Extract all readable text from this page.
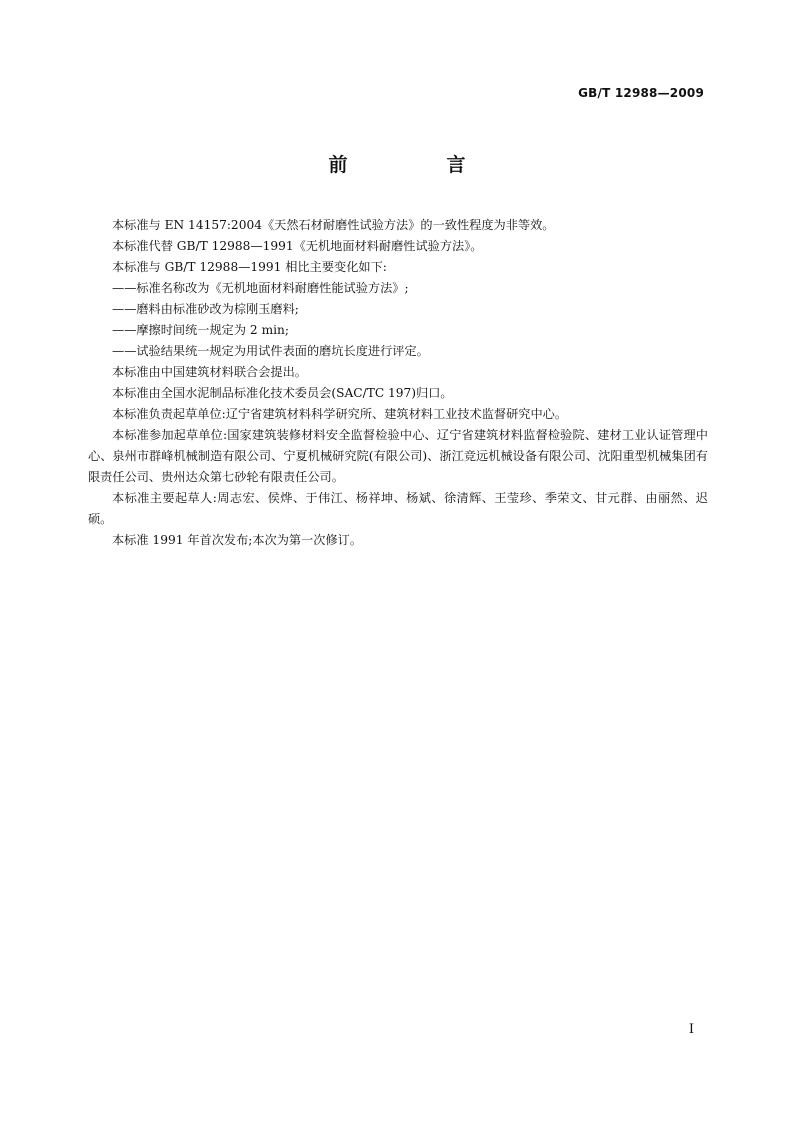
GB/T 12988—2009
前　言

本标准与 EN 14157:2004《天然石材耐磨性试验方法》的一致性程度为非等效。

本标准代替 GB/T 12988—1991《无机地面材料耐磨性试验方法》。

本标准与 GB/T 12988—1991 相比主要变化如下:

——标准名称改为《无机地面材料耐磨性能试验方法》;

——磨料由标准砂改为棕刚玉磨料;

——摩擦时间统一规定为 2 min;

——试验结果统一规定为用试件表面的磨坑长度进行评定。

本标准由中国建筑材料联合会提出。

本标准由全国水泥制品标准化技术委员会(SAC/TC 197)归口。

本标准负责起草单位:辽宁省建筑材料科学研究所、建筑材料工业技术监督研究中心。

本标准参加起草单位:国家建筑装修材料安全监督检验中心、辽宁省建筑材料监督检验院、建材工业认证管理中心、泉州市群峰机械制造有限公司、宁夏机械研究院(有限公司)、浙江竞远机械设备有限公司、沈阳重型机械集团有限责任公司、贵州达众第七砂轮有限责任公司。

本标准主要起草人:周志宏、侯烨、于伟江、杨祥坤、杨斌、徐清辉、王莹珍、季荣文、甘元群、由丽然、迟硕。

本标准 1991 年首次发布;本次为第一次修订。

I
